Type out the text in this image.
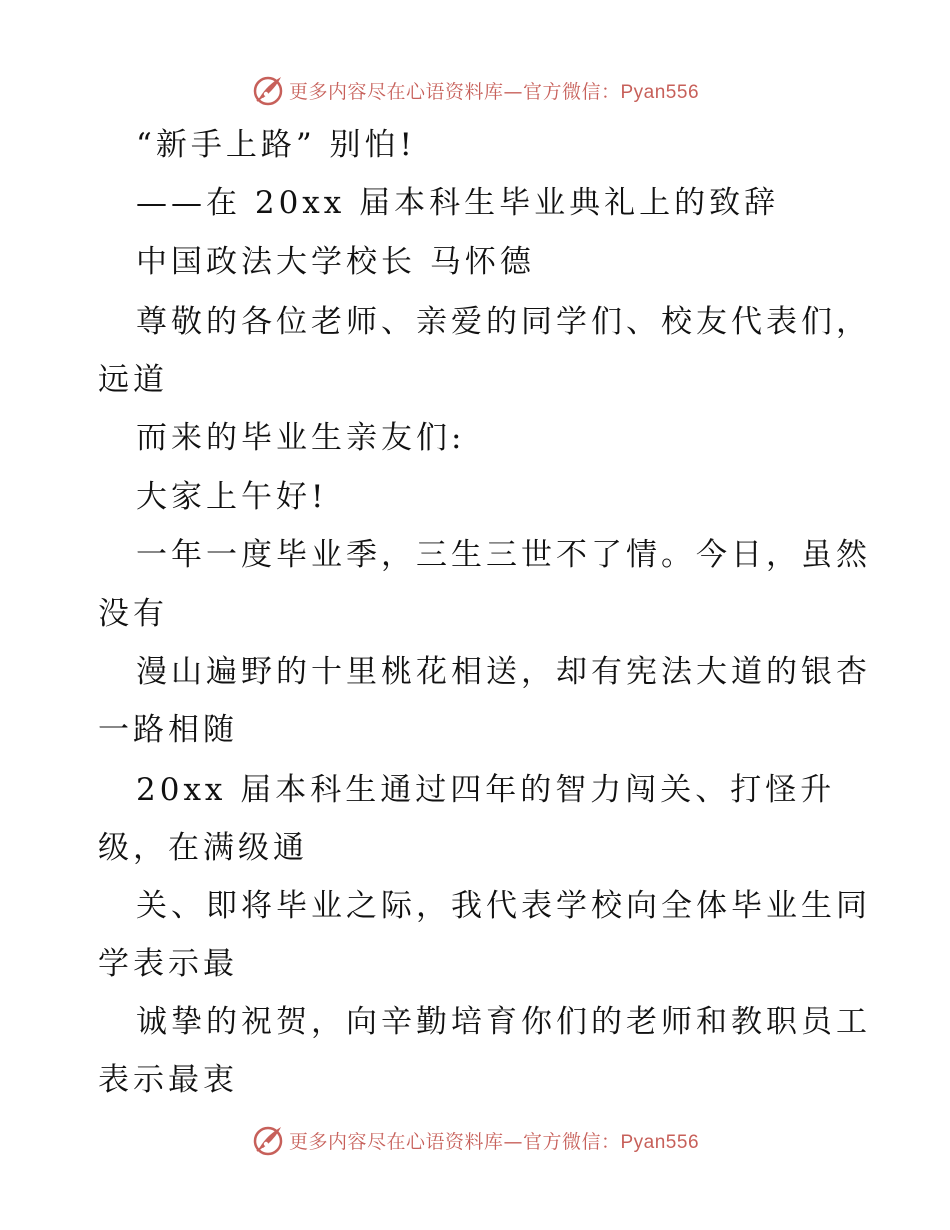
更多内容尽在心语资料库—官方微信：Pyan556
“新手上路” 别怕!
——在 20xx 届本科生毕业典礼上的致辞
中国政法大学校长 马怀德
尊敬的各位老师、亲爱的同学们、校友代表们，
远道
而来的毕业生亲友们:
大家上午好!
一年一度毕业季，三生三世不了情。今日，虽然
没有
漫山遍野的十里桃花相送，却有宪法大道的银杏
一路相随
20xx 届本科生通过四年的智力闯关、打怪升
级，在满级通
关、即将毕业之际，我代表学校向全体毕业生同
学表示最
诚挚的祝贺，向辛勤培育你们的老师和教职员工
表示最衷
更多内容尽在心语资料库—官方微信：Pyan556
